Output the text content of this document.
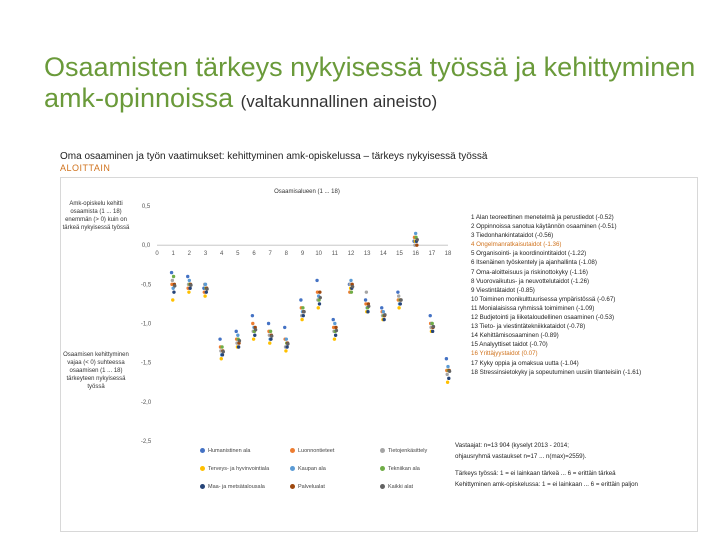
Osaamisten tärkeys nykyisessä työssä ja kehittyminen amk-opinnoissa (valtakunnallinen aineisto)
Oma osaaminen ja työn vaatimukset: kehittyminen amk-opiskelussa – tärkeys nykyisessä työssä
ALOITTAIN
Osaamisalueen (1 ... 18)
0,5
0,0
-0,5
-1,0
-1,5
-2,0
-2,5
0 1 2 3 4 5 6 7 8 9 10 11 12 13 14 15 16 17 18
Amk-opiskelu kehitti osaamista (1 ... 18) enemmän (> 0) kuin on tärkeä nykyisessä työssä
Osaamisen kehittyminen vajaa (< 0) suhteessa osaamisen (1 ... 18) tärkeyteen nykyisessä työssä
1 Alan teoreettinen menetelmä ja perustiedot (-0.52)
2 Oppinnoissa sanotua käytännön osaaminen (-0.51)
3 Tiedonhankintataidot (-0.56)
4 Ongelmanratkaisutaidot (-1.36)
5 Organisointi- ja koordinointitaidot (-1.22)
6 Itsenäinen työskentely ja ajanhallinta (-1.08)
7 Oma-aloitteisuus ja riskinottokyky (-1.16)
8 Vuorovaikutus- ja neuvottelutaidot (-1.26)
9 Viestintätaidot (-0.85)
10 Toiminen monikulttuurisessa ympäristössä (-0.67)
11 Monialaisissa ryhmissä toimiminen (-1.09)
12 Budjetointi ja liiketaloudellinen osaaminen (-0.53)
13 Tieto- ja viestintätekniikkataidot (-0.78)
14 Kehittämisosaaminen (-0.89)
15 Analyyttiset taidot (-0.70)
16 Yrittäjyystaidot (0.07)
17 Kyky oppia ja omaksua uutta (-1.04)
18 Stressinsietokyky ja sopeutuminen uusiin tilanteisiin (-1.61)
Humanistinen ala	Luonnontieteet	Tietojenkäsittely
Terveys- ja hyvinvointiala	Kaupan ala	Tekniikan ala
Maa- ja metsätalousala	Palvelualat	Kaikki alat
Vastaajat: n=13 904 (kyselyt 2013 - 2014;
ohjausryhmä vastaukset n=17 ... n(max)=2559).
Tärkeys työssä: 1 = ei lainkaan tärkeä ... 6 = erittäin tärkeä
Kehittyminen amk-opiskelussa: 1 = ei lainkaan ... 6 = erittäin paljon
